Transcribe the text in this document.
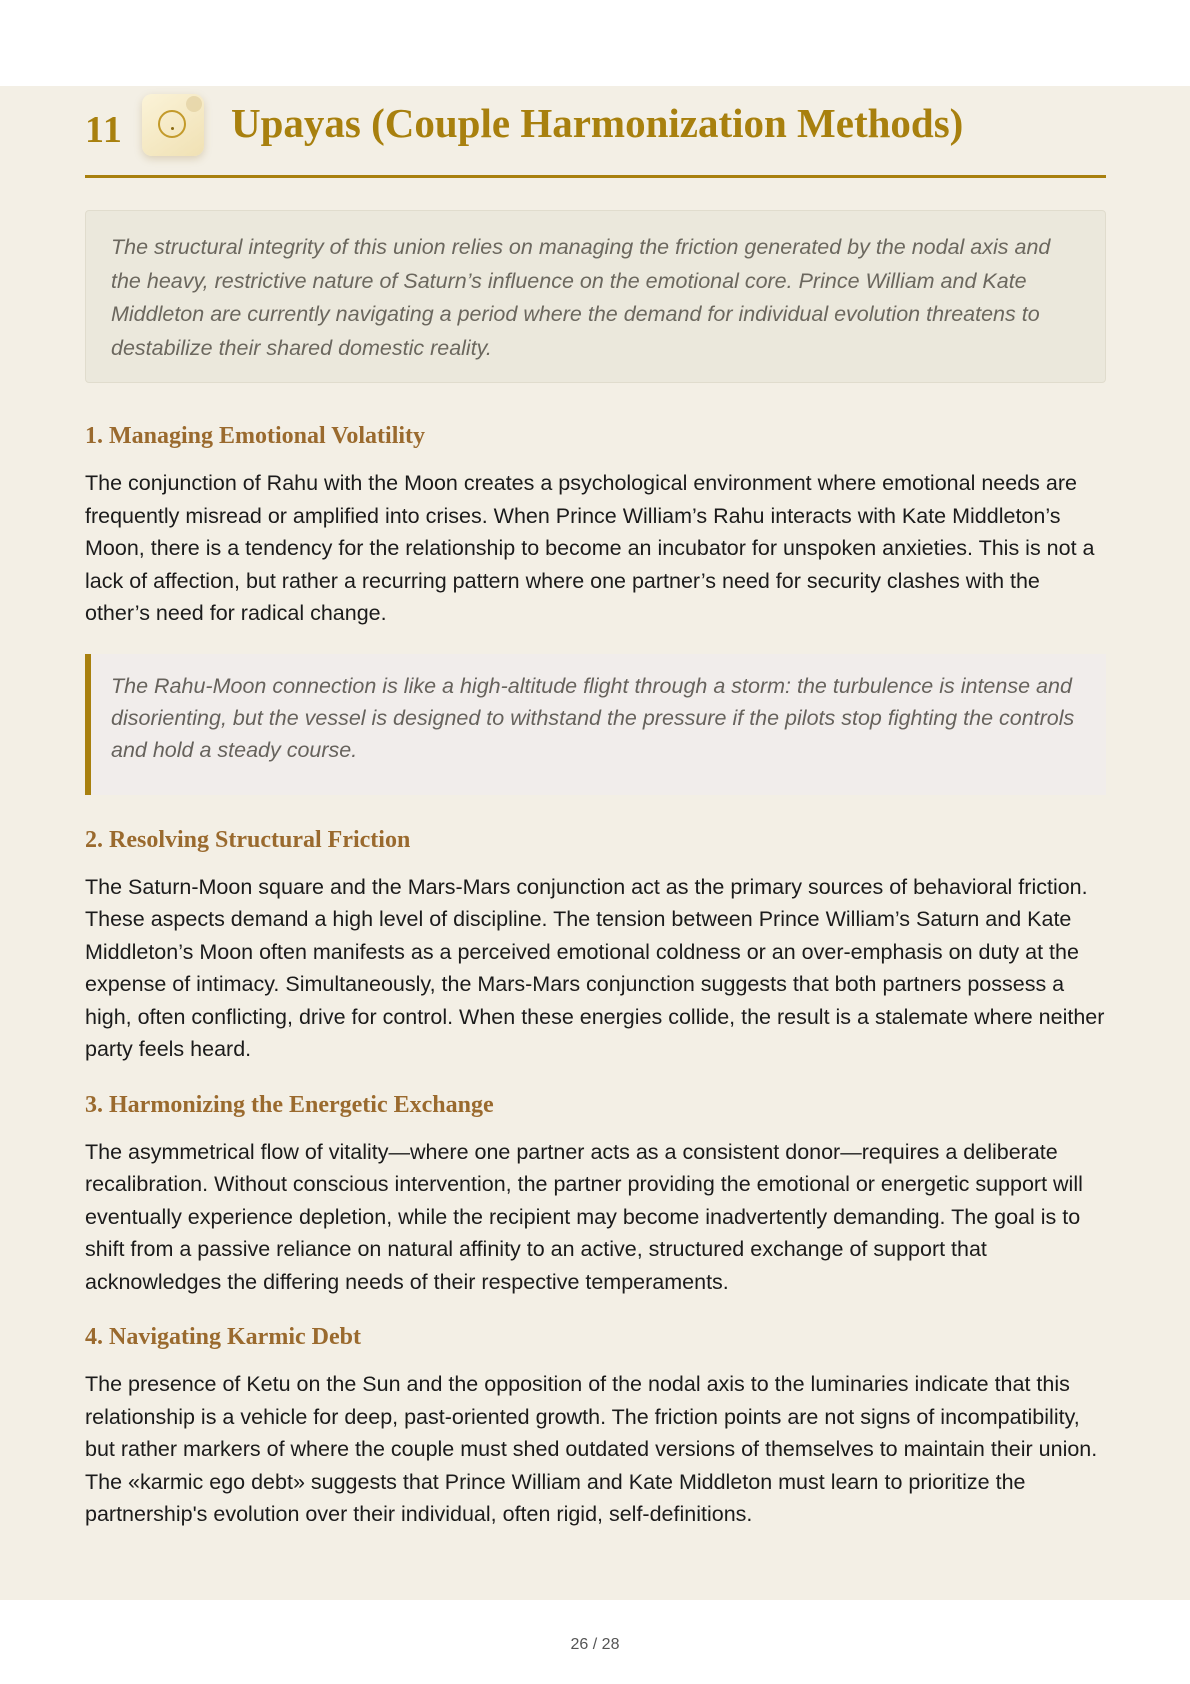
11	Upayas (Couple Harmonization Methods)

The structural integrity of this union relies on managing the friction generated by the nodal axis and the heavy, restrictive nature of Saturn’s influence on the emotional core. Prince William and Kate Middleton are currently navigating a period where the demand for individual evolution threatens to destabilize their shared domestic reality.

1. Managing Emotional Volatility

The conjunction of Rahu with the Moon creates a psychological environment where emotional needs are frequently misread or amplified into crises. When Prince William’s Rahu interacts with Kate Middleton’s Moon, there is a tendency for the relationship to become an incubator for unspoken anxieties. This is not a lack of affection, but rather a recurring pattern where one partner’s need for security clashes with the other’s need for radical change.

The Rahu-Moon connection is like a high-altitude flight through a storm: the turbulence is intense and disorienting, but the vessel is designed to withstand the pressure if the pilots stop fighting the controls and hold a steady course.

2. Resolving Structural Friction

The Saturn-Moon square and the Mars-Mars conjunction act as the primary sources of behavioral friction. These aspects demand a high level of discipline. The tension between Prince William’s Saturn and Kate Middleton’s Moon often manifests as a perceived emotional coldness or an over-emphasis on duty at the expense of intimacy. Simultaneously, the Mars-Mars conjunction suggests that both partners possess a high, often conflicting, drive for control. When these energies collide, the result is a stalemate where neither party feels heard.

3. Harmonizing the Energetic Exchange

The asymmetrical flow of vitality—where one partner acts as a consistent donor—requires a deliberate recalibration. Without conscious intervention, the partner providing the emotional or energetic support will eventually experience depletion, while the recipient may become inadvertently demanding. The goal is to shift from a passive reliance on natural affinity to an active, structured exchange of support that acknowledges the differing needs of their respective temperaments.

4. Navigating Karmic Debt

The presence of Ketu on the Sun and the opposition of the nodal axis to the luminaries indicate that this relationship is a vehicle for deep, past-oriented growth. The friction points are not signs of incompatibility, but rather markers of where the couple must shed outdated versions of themselves to maintain their union. The «karmic ego debt» suggests that Prince William and Kate Middleton must learn to prioritize the partnership's evolution over their individual, often rigid, self-definitions.

26 / 28
